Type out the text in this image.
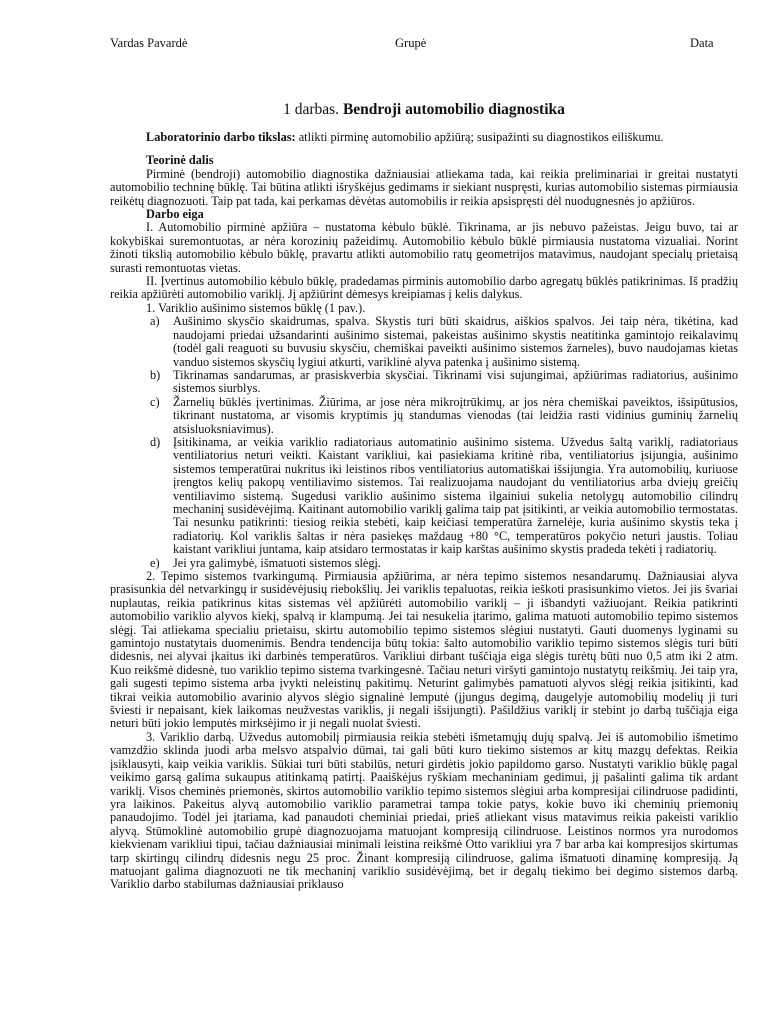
Vardas Pavardė	Grupė	Data
1 darbas. Bendroji automobilio diagnostika

Laboratorinio darbo tikslas: atlikti pirminę automobilio apžiūrą; susipažinti su diagnostikos eiliškumu.

Teorinė dalis

Pirminė (bendroji) automobilio diagnostika dažniausiai atliekama tada, kai reikia preliminariai ir greitai nustatyti automobilio techninę būklę. Tai būtina atlikti išryškėjus gedimams ir siekiant nuspręsti, kurias automobilio sistemas pirmiausia reikėtų diagnozuoti. Taip pat tada, kai perkamas dėvėtas automobilis ir reikia apsispręsti dėl nuodugnesnės jo apžiūros.

Darbo eiga

I. Automobilio pirminė apžiūra – nustatoma kėbulo būklė. Tikrinama, ar jis nebuvo pažeistas. Jeigu buvo, tai ar kokybiškai suremontuotas, ar nėra korozinių pažeidimų. Automobilio kėbulo būklė pirmiausia nustatoma vizualiai. Norint žinoti tikslią automobilio kėbulo būklę, pravartu atlikti automobilio ratų geometrijos matavimus, naudojant specialų prietaisą surasti remontuotas vietas.

II. Įvertinus automobilio kėbulo būklę, pradedamas pirminis automobilio darbo agregatų būklės patikrinimas. Iš pradžių reikia apžiūrėti automobilio variklį. Jį apžiūrint dėmesys kreipiamas į kelis dalykus.

1. Variklio aušinimo sistemos būklę (1 pav.).
a)	Aušinimo skysčio skaidrumas, spalva. Skystis turi būti skaidrus, aiškios spalvos. Jei taip nėra, tikėtina, kad naudojami priedai užsandarinti aušinimo sistemai, pakeistas aušinimo skystis neatitinka gamintojo reikalavimų (todėl gali reaguoti su buvusiu skysčiu, chemiškai paveikti aušinimo sistemos žarneles), buvo naudojamas kietas vanduo sistemos skysčių lygiui atkurti, variklinė alyva patenka į aušinimo sistemą.
b)	Tikrinamas sandarumas, ar prasiskverbia skysčiai. Tikrinami visi sujungimai, apžiūrimas radiatorius, aušinimo sistemos siurblys.
c)	Žarnelių būklės įvertinimas. Žiūrima, ar jose nėra mikroįtrūkimų, ar jos nėra chemiškai paveiktos, išsipūtusios, tikrinant nustatoma, ar visomis kryptimis jų standumas vienodas (tai leidžia rasti vidinius guminių žarnelių atsisluoksniavimus).
d)	Įsitikinama, ar veikia variklio radiatoriaus automatinio aušinimo sistema. Užvedus šaltą variklį, radiatoriaus ventiliatorius neturi veikti. Kaistant varikliui, kai pasiekiama kritinė riba, ventiliatorius įsijungia, aušinimo sistemos temperatūrai nukritus iki leistinos ribos ventiliatorius automatiškai išsijungia. Yra automobilių, kuriuose įrengtos kelių pakopų ventiliavimo sistemos. Tai realizuojama naudojant du ventiliatorius arba dviejų greičių ventiliavimo sistemą. Sugedusi variklio aušinimo sistema ilgainiui sukelia netolygų automobilio cilindrų mechaninį susidėvėjimą. Kaitinant automobilio variklį galima taip pat įsitikinti, ar veikia automobilio termostatas. Tai nesunku patikrinti: tiesiog reikia stebėti, kaip keičiasi temperatūra žarnelėje, kuria aušinimo skystis teka į radiatorių. Kol variklis šaltas ir nėra pasiekęs maždaug +80 °C, temperatūros pokyčio neturi jaustis. Toliau kaistant varikliui juntama, kaip atsidaro termostatas ir kaip karštas aušinimo skystis pradeda tekėti į radiatorių.
e)	Jei yra galimybė, išmatuoti sistemos slėgį.

2. Tepimo sistemos tvarkingumą. Pirmiausia apžiūrima, ar nėra tepimo sistemos nesandarumų. Dažniausiai alyva prasisunkia dėl netvarkingų ir susidėvėjusių riebokšlių. Jei variklis tepaluotas, reikia ieškoti prasisunkimo vietos. Jei jis švariai nuplautas, reikia patikrinus kitas sistemas vėl apžiūrėti automobilio variklį – ji išbandyti važiuojant. Reikia patikrinti automobilio variklio alyvos kiekį, spalvą ir klampumą. Jei tai nesukelia įtarimo, galima matuoti automobilio tepimo sistemos slėgį. Tai atliekama specialiu prietaisu, skirtu automobilio tepimo sistemos slėgiui nustatyti. Gauti duomenys lyginami su gamintojo nustatytais duomenimis. Bendra tendencija būtų tokia: šalto automobilio variklio tepimo sistemos slėgis turi būti didesnis, nei alyvai įkaitus iki darbinės temperatūros. Varikliui dirbant tuščiąja eiga slėgis turėtų būti nuo 0,5 atm iki 2 atm. Kuo reikšmė didesnė, tuo variklio tepimo sistema tvarkingesnė. Tačiau neturi viršyti gamintojo nustatytų reikšmių. Jei taip yra, gali sugesti tepimo sistema arba įvykti neleistinų pakitimų. Neturint galimybės pamatuoti alyvos slėgį reikia įsitikinti, kad tikrai veikia automobilio avarinio alyvos slėgio signalinė lemputė (įjungus degimą, daugelyje automobilių modelių ji turi šviesti ir nepaisant, kiek laikomas neužvestas variklis, ji negali išsijungti). Pašildžius variklį ir stebint jo darbą tuščiąja eiga neturi būti jokio lemputės mirksėjimo ir ji negali nuolat šviesti.

3. Variklio darbą. Užvedus automobilį pirmiausia reikia stebėti išmetamųjų dujų spalvą. Jei iš automobilio išmetimo vamzdžio sklinda juodi arba melsvo atspalvio dūmai, tai gali būti kuro tiekimo sistemos ar kitų mazgų defektas. Reikia įsiklausyti, kaip veikia variklis. Sūkiai turi būti stabilūs, neturi girdėtis jokio papildomo garso. Nustatyti variklio būklę pagal veikimo garsą galima sukaupus atitinkamą patirtį. Paaiškėjus ryškiam mechaniniam gedimui, jį pašalinti galima tik ardant variklį. Visos cheminės priemonės, skirtos automobilio variklio tepimo sistemos slėgiui arba kompresijai cilindruose padidinti, yra laikinos. Pakeitus alyvą automobilio variklio parametrai tampa tokie patys, kokie buvo iki cheminių priemonių panaudojimo. Todėl jei įtariama, kad panaudoti cheminiai priedai, prieš atliekant visus matavimus reikia pakeisti variklio alyvą. Stūmoklinė automobilio grupė diagnozuojama matuojant kompresiją cilindruose. Leistinos normos yra nurodomos kiekvienam varikliui tipui, tačiau dažniausiai minimali leistina reikšmė Otto varikliui yra 7 bar arba kai kompresijos skirtumas tarp skirtingų cilindrų didesnis negu 25 proc. Žinant kompresiją cilindruose, galima išmatuoti dinaminę kompresiją. Ją matuojant galima diagnozuoti ne tik mechaninį variklio susidėvėjimą, bet ir degalų tiekimo bei degimo sistemos darbą. Variklio darbo stabilumas dažniausiai priklauso
